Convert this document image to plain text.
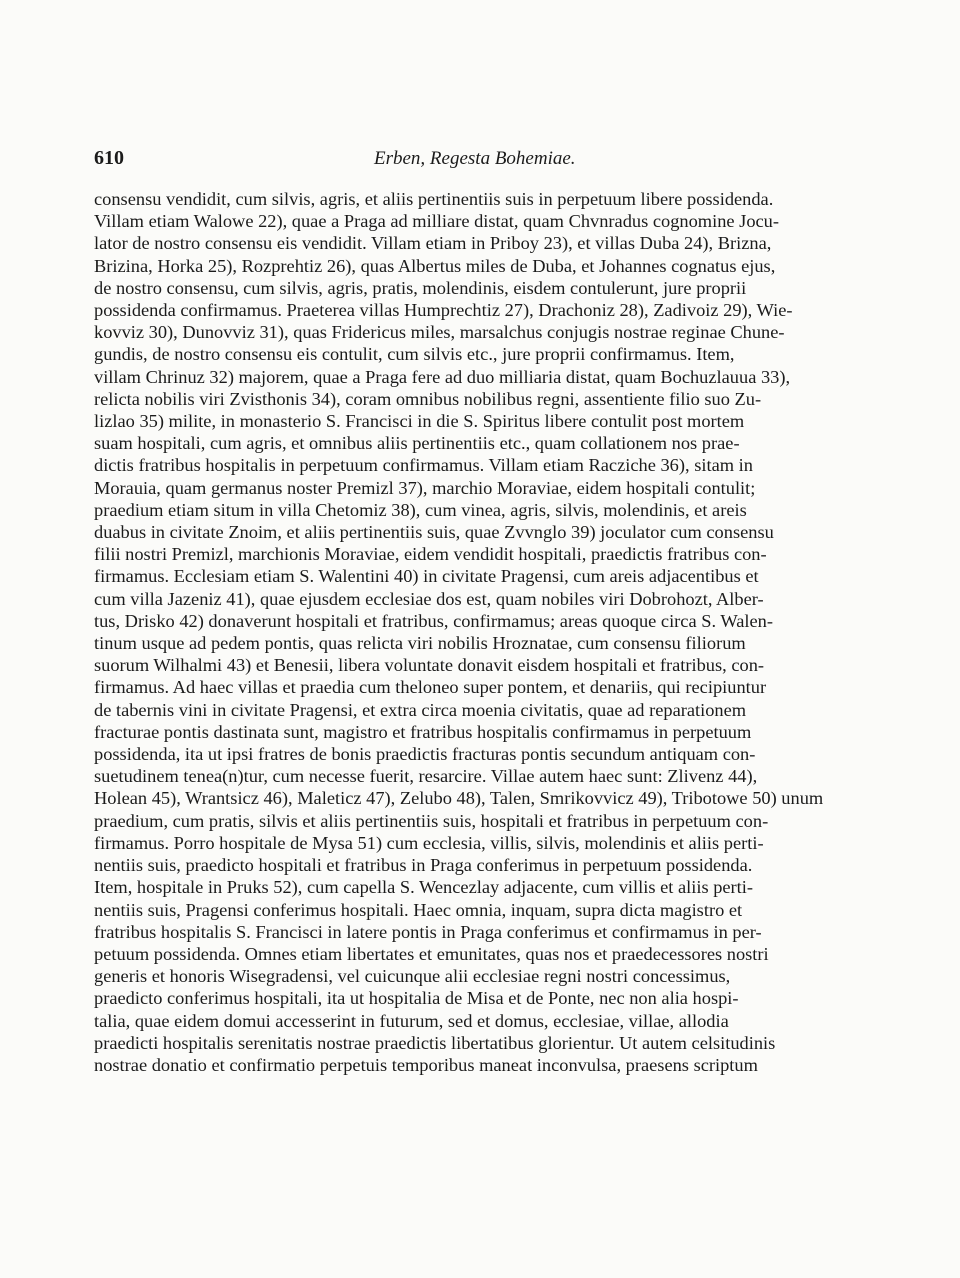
610	Erben, Regesta Bohemiae.
consensu vendidit, cum silvis, agris, et aliis pertinentiis suis in perpetuum libere possidenda.
Villam etiam Walowe 22), quae a Praga ad milliare distat, quam Chvnradus cognomine Jocu-
lator de nostro consensu eis vendidit. Villam etiam in Priboy 23), et villas Duba 24), Brizna,
Brizina, Horka 25), Rozprehtiz 26), quas Albertus miles de Duba, et Johannes cognatus ejus,
de nostro consensu, cum silvis, agris, pratis, molendinis, eisdem contulerunt, jure proprii
possidenda confirmamus. Praeterea villas Humprechtiz 27), Drachoniz 28), Zadivoiz 29), Wie-
kovviz 30), Dunovviz 31), quas Fridericus miles, marsalchus conjugis nostrae reginae Chune-
gundis, de nostro consensu eis contulit, cum silvis etc., jure proprii confirmamus. Item,
villam Chrinuz 32) majorem, quae a Praga fere ad duo milliaria distat, quam Bochuzlauua 33),
relicta nobilis viri Zvisthonis 34), coram omnibus nobilibus regni, assentiente filio suo Zu-
lizlao 35) milite, in monasterio S. Francisci in die S. Spiritus libere contulit post mortem
suam hospitali, cum agris, et omnibus aliis pertinentiis etc., quam collationem nos prae-
dictis fratribus hospitalis in perpetuum confirmamus. Villam etiam Racziche 36), sitam in
Morauia, quam germanus noster Premizl 37), marchio Moraviae, eidem hospitali contulit;
praedium etiam situm in villa Chetomiz 38), cum vinea, agris, silvis, molendinis, et areis
duabus in civitate Znoim, et aliis pertinentiis suis, quae Zvvnglo 39) joculator cum consensu
filii nostri Premizl, marchionis Moraviae, eidem vendidit hospitali, praedictis fratribus con-
firmamus. Ecclesiam etiam S. Walentini 40) in civitate Pragensi, cum areis adjacentibus et
cum villa Jazeniz 41), quae ejusdem ecclesiae dos est, quam nobiles viri Dobrohozt, Alber-
tus, Drisko 42) donaverunt hospitali et fratribus, confirmamus; areas quoque circa S. Walen-
tinum usque ad pedem pontis, quas relicta viri nobilis Hroznatae, cum consensu filiorum
suorum Wilhalmi 43) et Benesii, libera voluntate donavit eisdem hospitali et fratribus, con-
firmamus. Ad haec villas et praedia cum theloneo super pontem, et denariis, qui recipiuntur
de tabernis vini in civitate Pragensi, et extra circa moenia civitatis, quae ad reparationem
fracturae pontis dastinata sunt, magistro et fratribus hospitalis confirmamus in perpetuum
possidenda, ita ut ipsi fratres de bonis praedictis fracturas pontis secundum antiquam con-
suetudinem tenea(n)tur, cum necesse fuerit, resarcire. Villae autem haec sunt: Zlivenz 44),
Holean 45), Wrantsicz 46), Maleticz 47), Zelubo 48), Talen, Smrikovvicz 49), Tribotowe 50) unum
praedium, cum pratis, silvis et aliis pertinentiis suis, hospitali et fratribus in perpetuum con-
firmamus. Porro hospitale de Mysa 51) cum ecclesia, villis, silvis, molendinis et aliis perti-
nentiis suis, praedicto hospitali et fratribus in Praga conferimus in perpetuum possidenda.
Item, hospitale in Pruks 52), cum capella S. Wencezlay adjacente, cum villis et aliis perti-
nentiis suis, Pragensi conferimus hospitali. Haec omnia, inquam, supra dicta magistro et
fratribus hospitalis S. Francisci in latere pontis in Praga conferimus et confirmamus in per-
petuum possidenda. Omnes etiam libertates et emunitates, quas nos et praedecessores nostri
generis et honoris Wisegradensi, vel cuicunque alii ecclesiae regni nostri concessimus,
praedicto conferimus hospitali, ita ut hospitalia de Misa et de Ponte, nec non alia hospi-
talia, quae eidem domui accesserint in futurum, sed et domus, ecclesiae, villae, allodia
praedicti hospitalis serenitatis nostrae praedictis libertatibus glorientur. Ut autem celsitudinis
nostrae donatio et confirmatio perpetuis temporibus maneat inconvulsa, praesens scriptum
